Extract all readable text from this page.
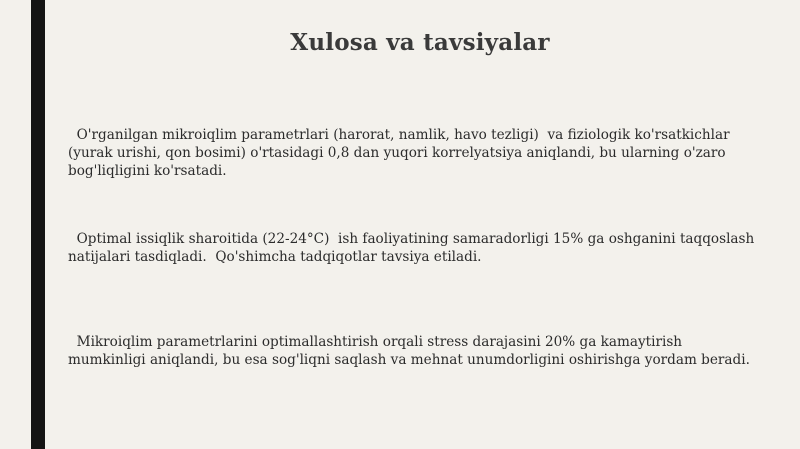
Xulosa va tavsiyalar

O'rganilgan mikroiqlim parametrlari (harorat, namlik, havo tezligi)  va fiziologik ko'rsatkichlar (yurak urishi, qon bosimi) o'rtasidagi 0,8 dan yuqori korrelyatsiya aniqlandi, bu ularning o'zaro bog'liqligini ko'rsatadi.

Optimal issiqlik sharoitida (22-24°C)  ish faoliyatining samaradorligi 15% ga oshganini taqqoslash natijalari tasdiqladi.  Qo'shimcha tadqiqotlar tavsiya etiladi.

Mikroiqlim parametrlarini optimallashtirish orqali stress darajasini 20% ga kamaytirish mumkinligi aniqlandi, bu esa sog'liqni saqlash va mehnat unumdorligini oshirishga yordam beradi.
